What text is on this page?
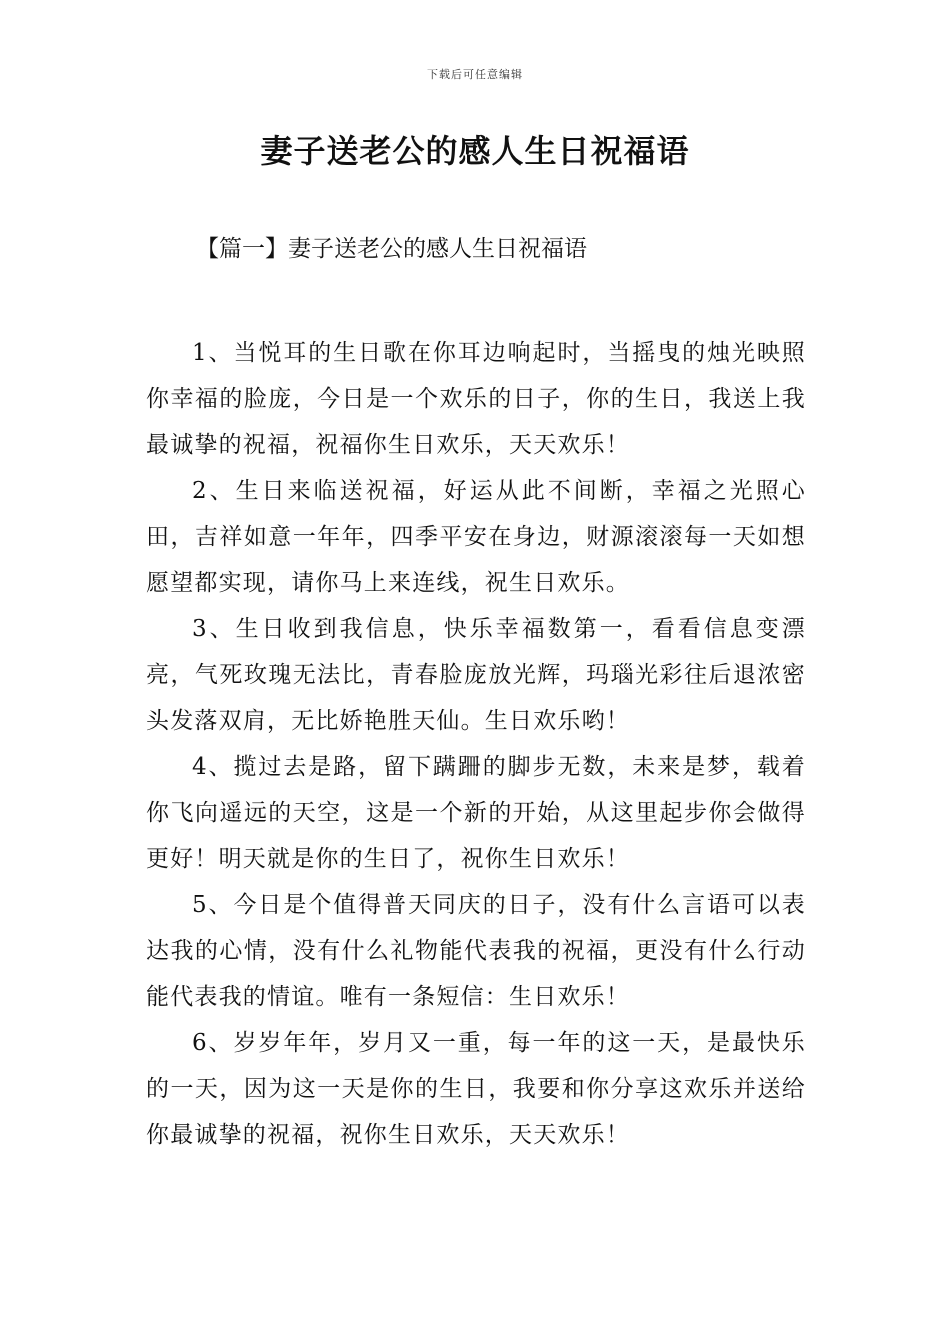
下载后可任意编辑
妻子送老公的感人生日祝福语
【篇一】妻子送老公的感人生日祝福语

1、当悦耳的生日歌在你耳边响起时，当摇曳的烛光映照你幸福的脸庞，今日是一个欢乐的日子，你的生日，我送上我最诚挚的祝福，祝福你生日欢乐，天天欢乐！

2、生日来临送祝福，好运从此不间断，幸福之光照心田，吉祥如意一年年，四季平安在身边，财源滚滚每一天如想愿望都实现，请你马上来连线，祝生日欢乐。

3、生日收到我信息，快乐幸福数第一，看看信息变漂亮，气死玫瑰无法比，青春脸庞放光辉，玛瑙光彩往后退浓密头发落双肩，无比娇艳胜天仙。生日欢乐哟！

4、揽过去是路，留下蹒跚的脚步无数，未来是梦，载着你飞向遥远的天空，这是一个新的开始，从这里起步你会做得更好！明天就是你的生日了，祝你生日欢乐！

5、今日是个值得普天同庆的日子，没有什么言语可以表达我的心情，没有什么礼物能代表我的祝福，更没有什么行动能代表我的情谊。唯有一条短信：生日欢乐！

6、岁岁年年，岁月又一重，每一年的这一天，是最快乐的一天，因为这一天是你的生日，我要和你分享这欢乐并送给你最诚挚的祝福，祝你生日欢乐，天天欢乐！
